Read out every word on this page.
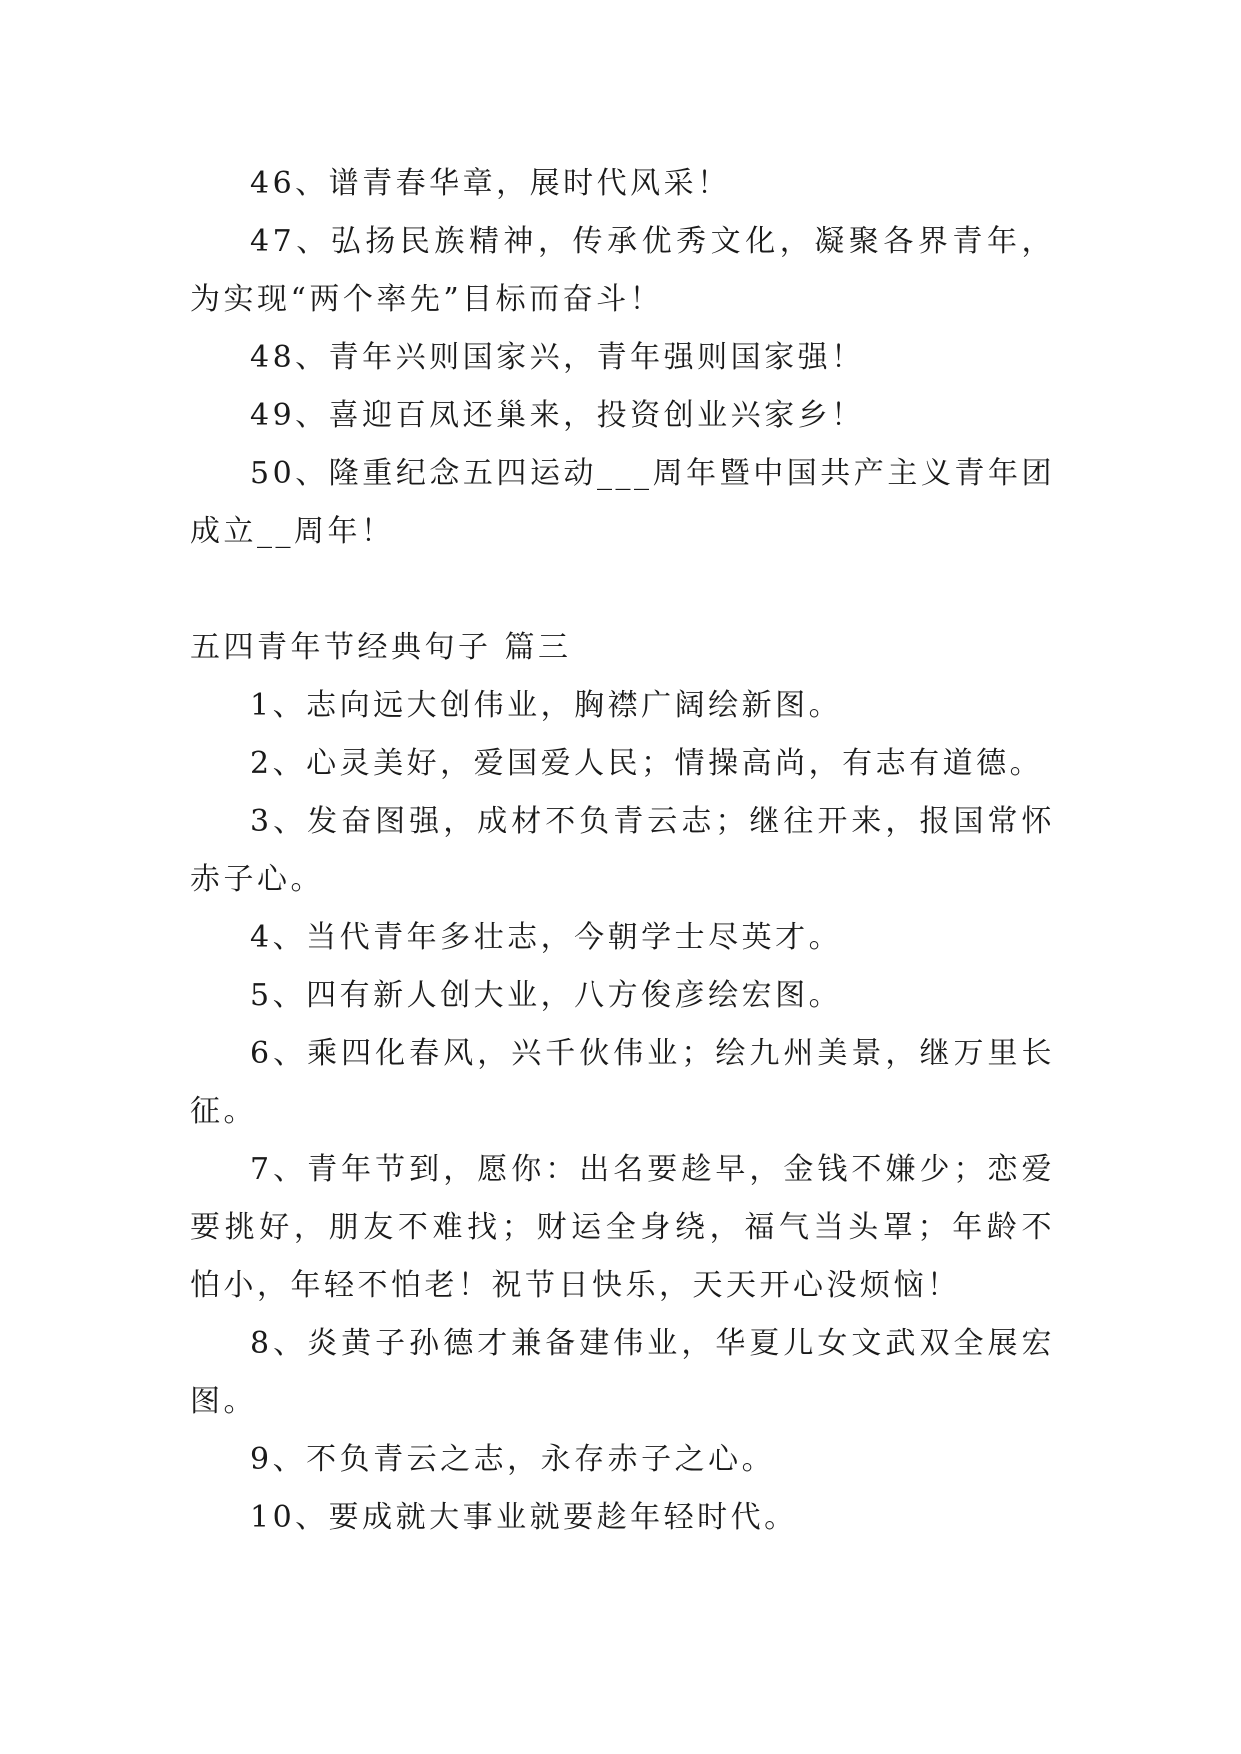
46、谱青春华章，展时代风采！

47、弘扬民族精神，传承优秀文化，凝聚各界青年，为实现“两个率先”目标而奋斗！

48、青年兴则国家兴，青年强则国家强！

49、喜迎百凤还巢来，投资创业兴家乡！

50、隆重纪念五四运动___周年暨中国共产主义青年团成立__周年！

五四青年节经典句子 篇三

1、志向远大创伟业，胸襟广阔绘新图。

2、心灵美好，爱国爱人民；情操高尚，有志有道德。

3、发奋图强，成材不负青云志；继往开来，报国常怀赤子心。

4、当代青年多壮志，今朝学士尽英才。

5、四有新人创大业，八方俊彦绘宏图。

6、乘四化春风，兴千伙伟业；绘九州美景，继万里长征。

7、青年节到，愿你：出名要趁早，金钱不嫌少；恋爱要挑好，朋友不难找；财运全身绕，福气当头罩；年龄不怕小，年轻不怕老！祝节日快乐，天天开心没烦恼！

8、炎黄子孙德才兼备建伟业，华夏儿女文武双全展宏图。

9、不负青云之志，永存赤子之心。

10、要成就大事业就要趁年轻时代。
